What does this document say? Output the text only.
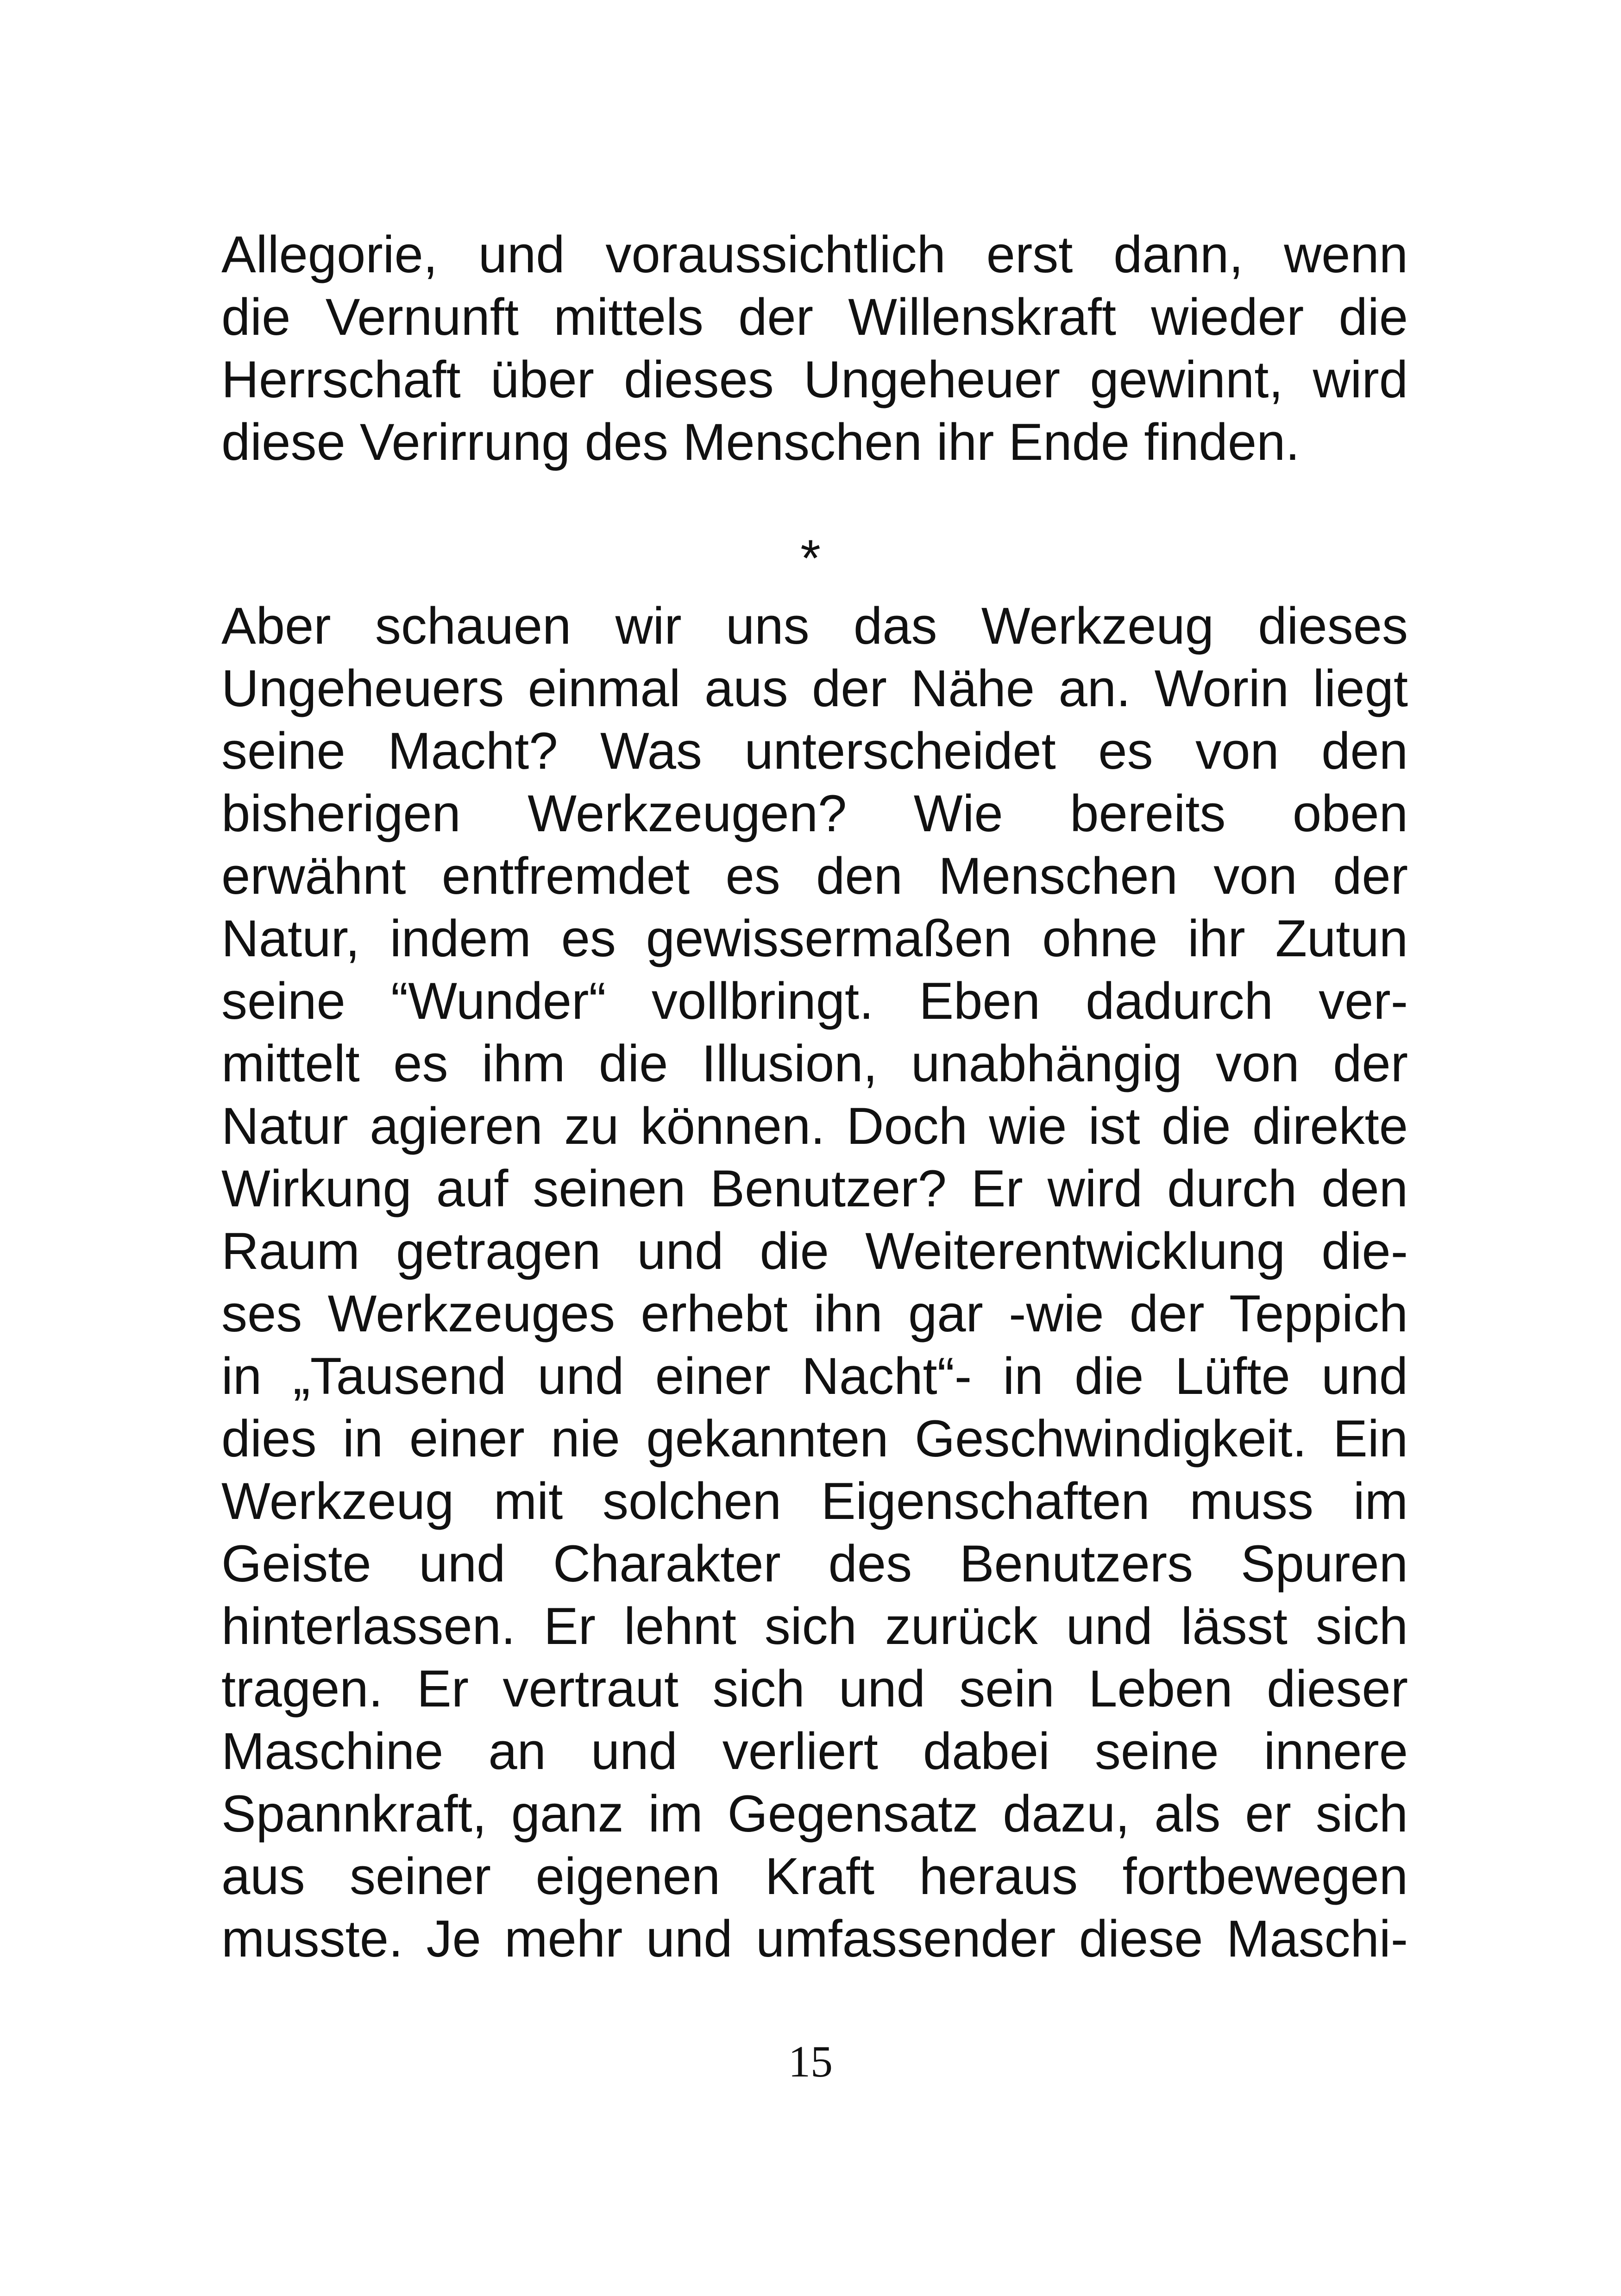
Allegorie, und voraussichtlich erst dann, wenn
die Vernunft mittels der Willenskraft wieder die
Herrschaft über dieses Ungeheuer gewinnt, wird
diese Verirrung des Menschen ihr Ende finden.
*
Aber schauen wir uns das Werkzeug dieses
Ungeheuers einmal aus der Nähe an. Worin liegt
seine Macht? Was unterscheidet es von den
bisherigen Werkzeugen? Wie bereits oben
erwähnt entfremdet es den Menschen von der
Natur, indem es gewissermaßen ohne ihr Zutun
seine “Wunder“ vollbringt. Eben dadurch ver-
mittelt es ihm die Illusion, unabhängig von der
Natur agieren zu können. Doch wie ist die direkte
Wirkung auf seinen Benutzer? Er wird durch den
Raum getragen und die Weiterentwicklung die-
ses Werkzeuges erhebt ihn gar -wie der Teppich
in „Tausend und einer Nacht“- in die Lüfte und
dies in einer nie gekannten Geschwindigkeit. Ein
Werkzeug mit solchen Eigenschaften muss im
Geiste und Charakter des Benutzers Spuren
hinterlassen. Er lehnt sich zurück und lässt sich
tragen. Er vertraut sich und sein Leben dieser
Maschine an und verliert dabei seine innere
Spannkraft, ganz im Gegensatz dazu, als er sich
aus seiner eigenen Kraft heraus fortbewegen
musste. Je mehr und umfassender diese Maschi-
15
